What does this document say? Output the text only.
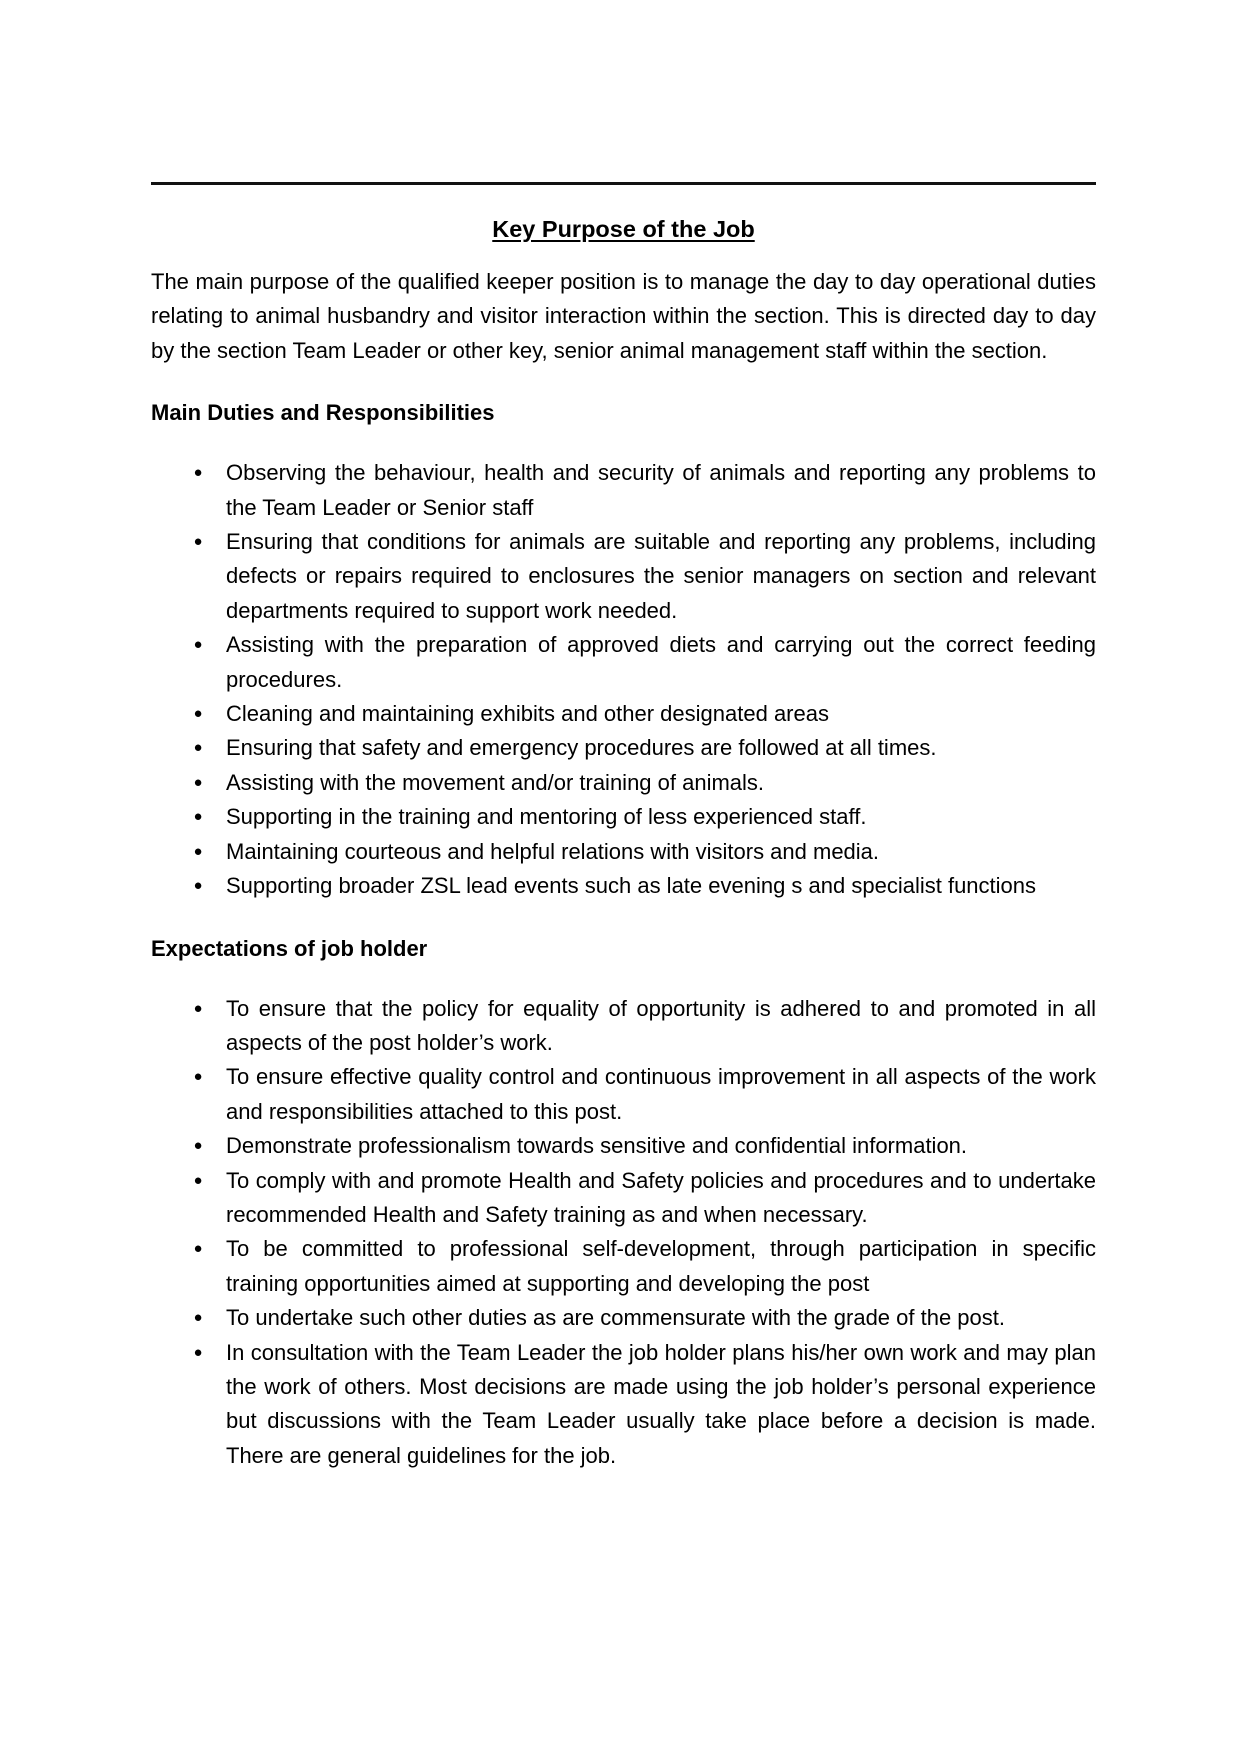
Key Purpose of the Job

The main purpose of the qualified keeper position is to manage the day to day operational duties relating to animal husbandry and visitor interaction within the section. This is directed day to day by the section Team Leader or other key, senior animal management staff within the section.

Main Duties and Responsibilities
● Observing the behaviour, health and security of animals and reporting any problems to the Team Leader or Senior staff
● Ensuring that conditions for animals are suitable and reporting any problems, including defects or repairs required to enclosures the senior managers on section and relevant departments required to support work needed.
● Assisting with the preparation of approved diets and carrying out the correct feeding procedures.
● Cleaning and maintaining exhibits and other designated areas
● Ensuring that safety and emergency procedures are followed at all times.
● Assisting with the movement and/or training of animals.
● Supporting in the training and mentoring of less experienced staff.
● Maintaining courteous and helpful relations with visitors and media.
● Supporting broader ZSL lead events such as late evening s and specialist functions
Expectations of job holder
● To ensure that the policy for equality of opportunity is adhered to and promoted in all aspects of the post holder’s work.
● To ensure effective quality control and continuous improvement in all aspects of the work and responsibilities attached to this post.
● Demonstrate professionalism towards sensitive and confidential information.
● To comply with and promote Health and Safety policies and procedures and to undertake recommended Health and Safety training as and when necessary.
● To be committed to professional self-development, through participation in specific training opportunities aimed at supporting and developing the post
● To undertake such other duties as are commensurate with the grade of the post.
● In consultation with the Team Leader the job holder plans his/her own work and may plan the work of others. Most decisions are made using the job holder’s personal experience but discussions with the Team Leader usually take place before a decision is made. There are general guidelines for the job.
